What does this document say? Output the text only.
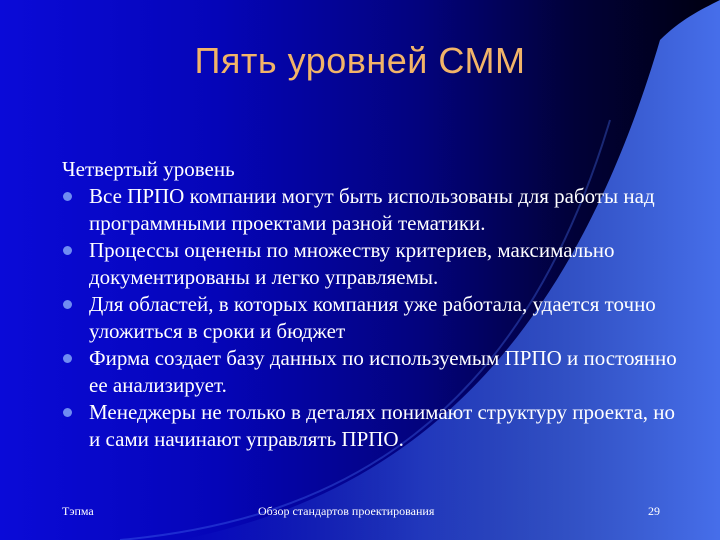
Пять уровней СММ

Четвертый уровень

Все ПРПО компании могут быть использованы для работы над программными проектами разной тематики.
Процессы оценены по множеству критериев, максимально документированы и легко управляемы.
Для областей, в которых компания уже работала, удается точно уложиться в сроки и бюджет
Фирма создает базу данных по используемым ПРПО и постоянно ее анализирует.
Менеджеры не только в деталях понимают структуру проекта, но и сами начинают управлять ПРПО.
Тэпма	Обзор стандартов проектирования	29
